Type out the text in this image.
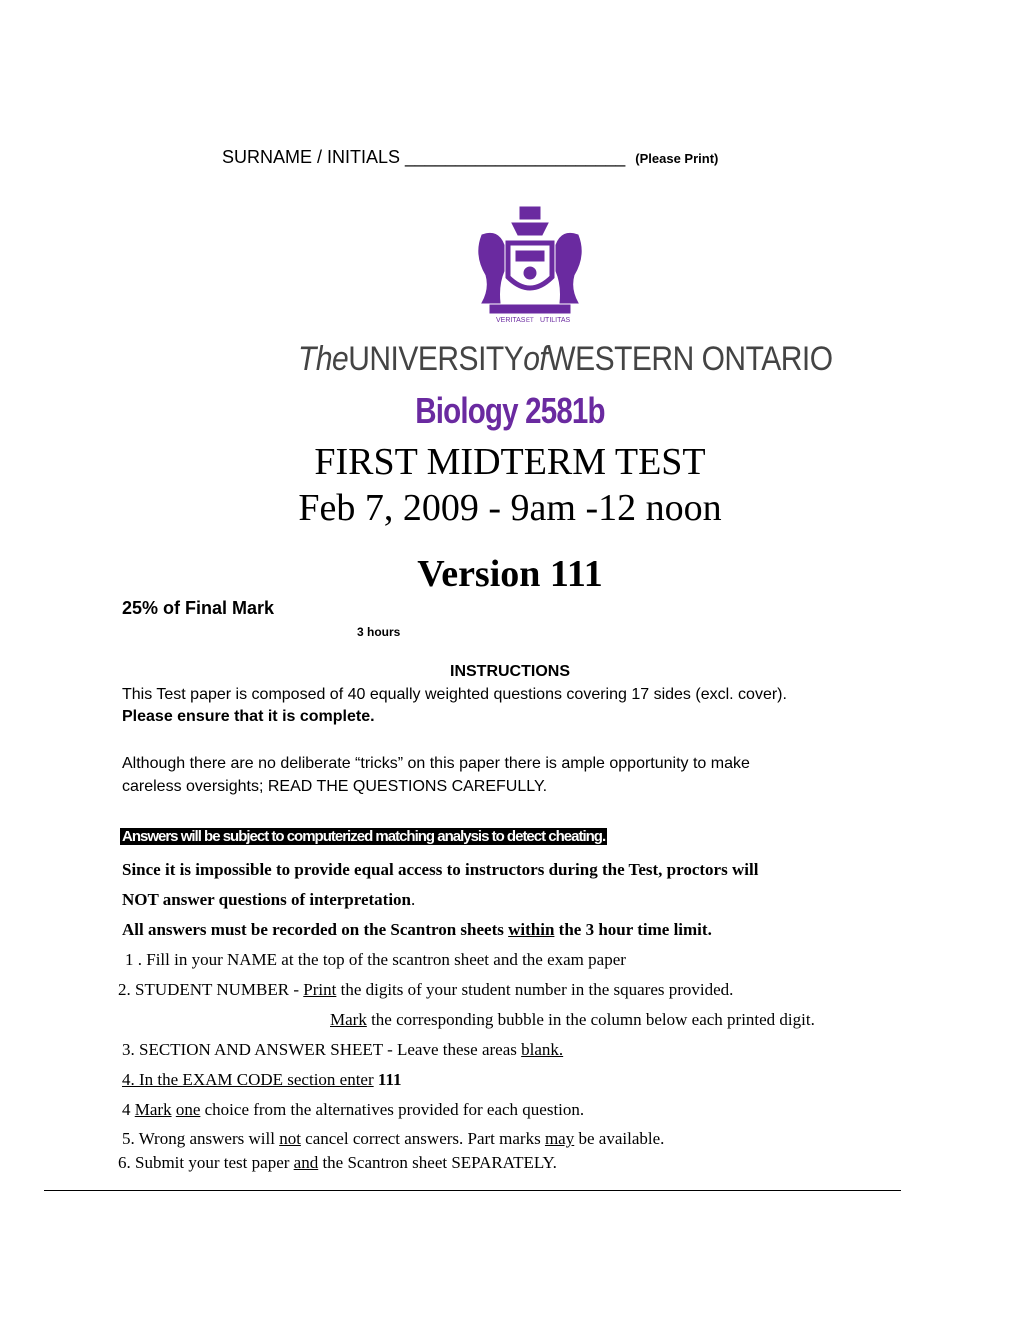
SURNAME / INITIALS ______________________ (Please Print)
VERITAS ET UTILITAS
TheUNIVERSITYofWESTERN ONTARIO
Biology 2581b
FIRST MIDTERM TEST
Feb 7, 2009 - 9am -12 noon
Version 111
25% of Final Mark
3 hours
INSTRUCTIONS
This Test paper is composed of 40 equally weighted questions covering 17 sides (excl. cover).
Please ensure that it is complete.
Although there are no deliberate “tricks” on this paper there is ample opportunity to make
careless oversights; READ THE QUESTIONS CAREFULLY.
Answers will be subject to computerized matching analysis to detect cheating.
Since it is impossible to provide equal access to instructors during the Test, proctors will
NOT answer questions of interpretation.
All answers must be recorded on the Scantron sheets within the 3 hour time limit.
1 . Fill in your NAME at the top of the scantron sheet and the exam paper
2. STUDENT NUMBER - Print the digits of your student number in the squares provided.
Mark the corresponding bubble in the column below each printed digit.
3. SECTION AND ANSWER SHEET - Leave these areas blank.
4. In the EXAM CODE section enter 111
4 Mark one choice from the alternatives provided for each question.
5. Wrong answers will not cancel correct answers. Part marks may be available.
6. Submit your test paper and the Scantron sheet SEPARATELY.
